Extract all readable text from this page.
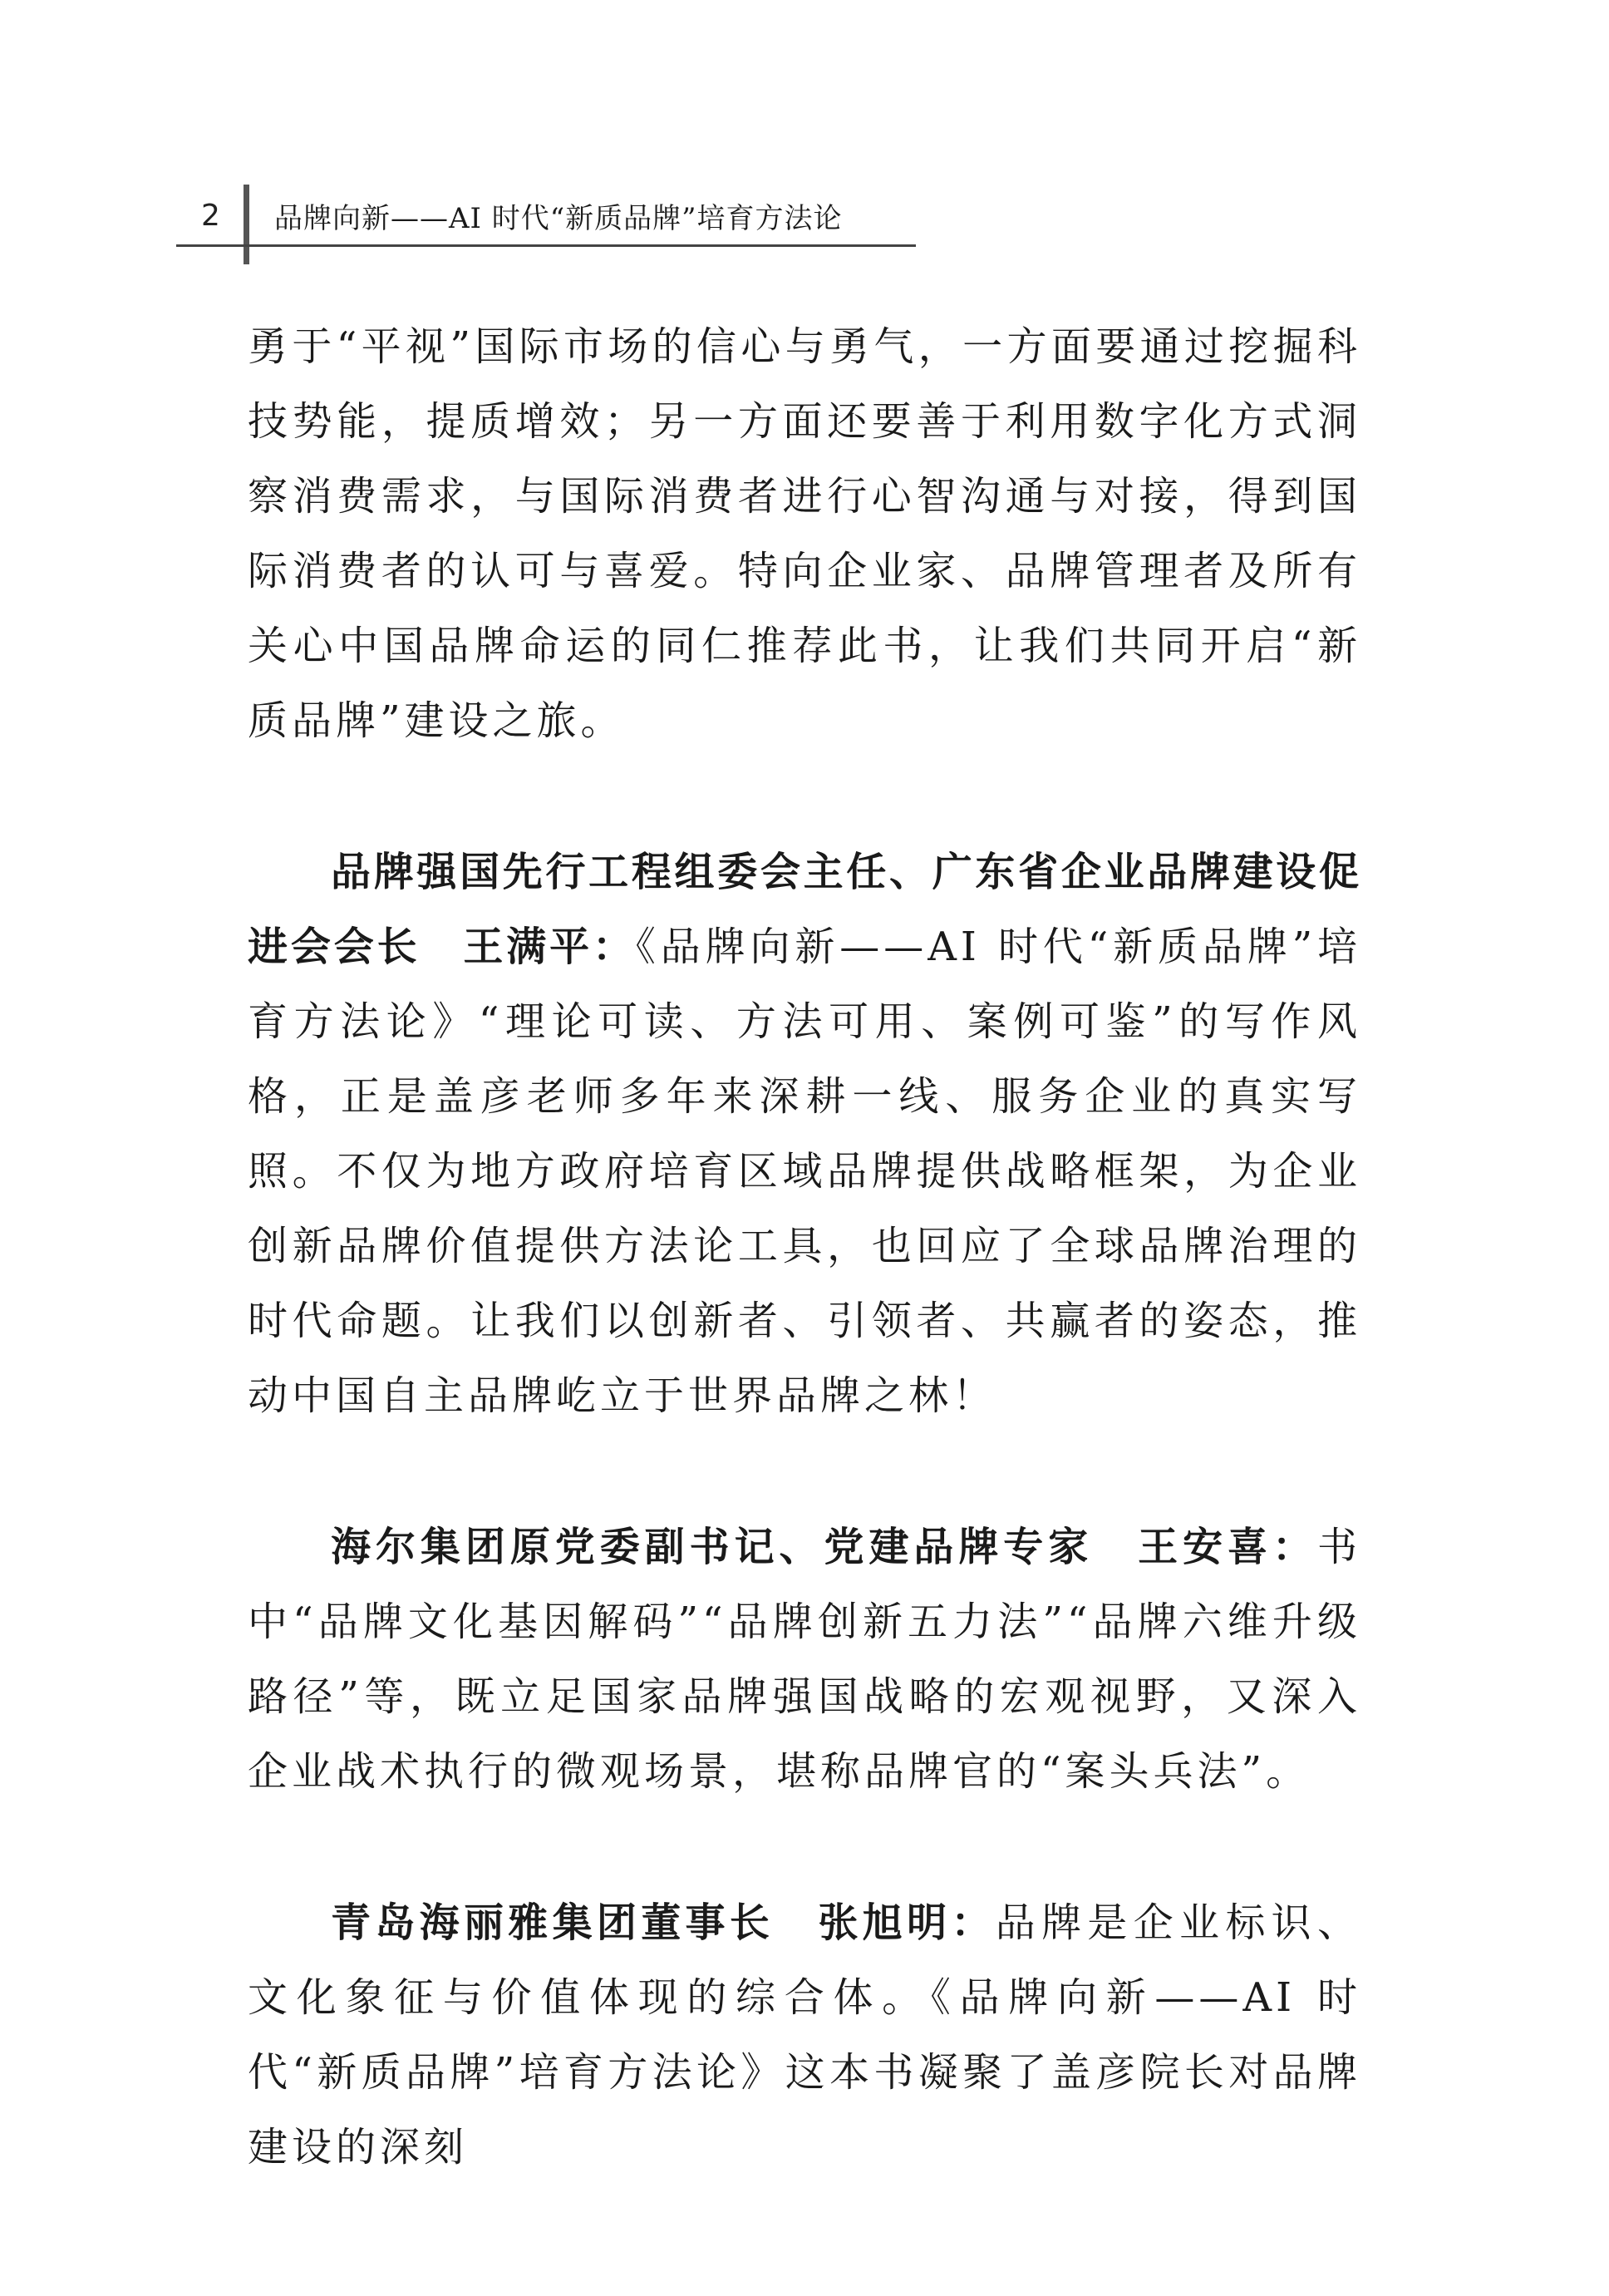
2 品牌向新——AI 时代“新质品牌”培育方法论

勇于“平视”国际市场的信心与勇气，一方面要通过挖掘科技势能，提质增效；另一方面还要善于利用数字化方式洞察消费需求，与国际消费者进行心智沟通与对接，得到国际消费者的认可与喜爱。特向企业家、品牌管理者及所有关心中国品牌命运的同仁推荐此书，让我们共同开启“新质品牌”建设之旅。

品牌强国先行工程组委会主任、广东省企业品牌建设促进会会长　王满平：《品牌向新——AI 时代“新质品牌”培育方法论》“理论可读、方法可用、案例可鉴”的写作风格，正是盖彦老师多年来深耕一线、服务企业的真实写照。不仅为地方政府培育区域品牌提供战略框架，为企业创新品牌价值提供方法论工具，也回应了全球品牌治理的时代命题。让我们以创新者、引领者、共赢者的姿态，推动中国自主品牌屹立于世界品牌之林！

海尔集团原党委副书记、党建品牌专家　王安喜：书中“品牌文化基因解码”“品牌创新五力法”“品牌六维升级路径”等，既立足国家品牌强国战略的宏观视野，又深入企业战术执行的微观场景，堪称品牌官的“案头兵法”。

青岛海丽雅集团董事长　张旭明：品牌是企业标识、文化象征与价值体现的综合体。《品牌向新——AI 时代“新质品牌”培育方法论》这本书凝聚了盖彦院长对品牌建设的深刻
